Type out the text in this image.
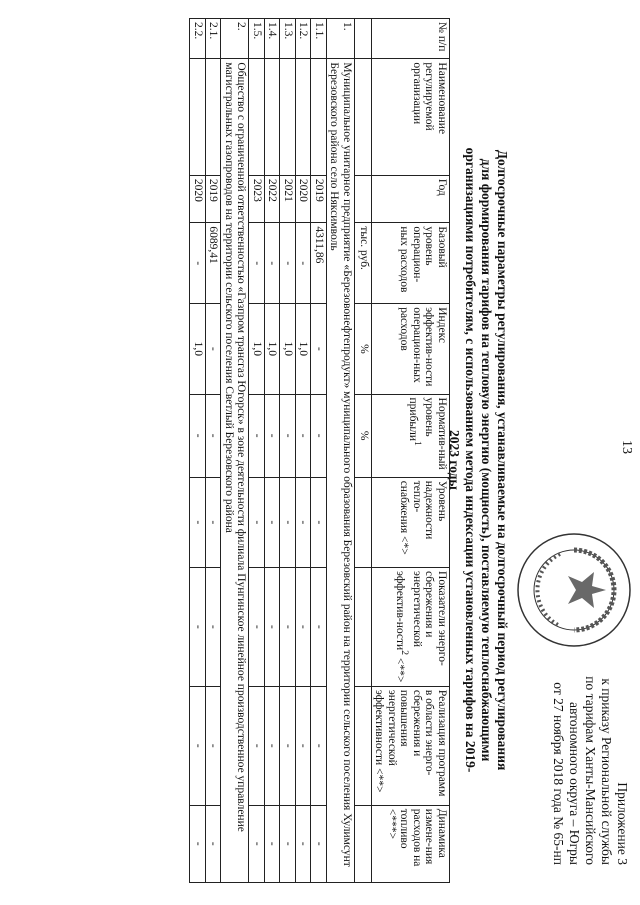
13
Приложение 3
к приказу Региональной службы
по тарифам Ханты-Мансийского
автономного округа – Югры
от 27 ноября 2018 года № 65-нп
Долгосрочные параметры регулирования, устанавливаемые на долгосрочный период регулирования для формирования тарифов на тепловую энергию (мощность), поставляемую теплоснабжающими организациями потребителям, с использованием метода индексации установленных тарифов на 2019-2023 годы
№ п/п	Наименование регулируемой организации	Год	Базовый уровень операцион-ных расходов	Индекс эффектив-ности операцион-ных расходов	Норматив-ный уровень прибыли$^1$	Уровень надежности тепло-снабжения <*>	Показатели энерго-сбережения и энергетической эффектив-ности$^2$ <**>	Реализация программ в области энерго-сбережения и повышения энергетической эффективности <**>	Динамика измене-ния расходов на топливо <***>
			тыс. руб.	%	%				
1.	Муниципальное унитарное предприятие «Березовонефтепродукт» муниципального образования Березовский район на территории сельского поселения Хулимсунт Березовского района село Няксимволь								
1.1.		2019	4311,86	-	-	-	-	-	-
1.2.		2020	-	1,0	-	-	-	-	-
1.3.		2021	-	1,0	-	-	-	-	-
1.4.		2022	-	1,0	-	-	-	-	-
1.5.		2023	-	1,0	-	-	-	-	-
2.	Общество с ограниченной ответственностью «Газпром трансгаз Югорск» в зоне деятельности филиала Пунгинское линейное производственное управление магистральных газопроводов на территории сельского поселения Светлый Березовского района								
2.1.		2019	6089,41	-	-	-	-	-	-
2.2.		2020	-	1,0	-	-	-	-	-
